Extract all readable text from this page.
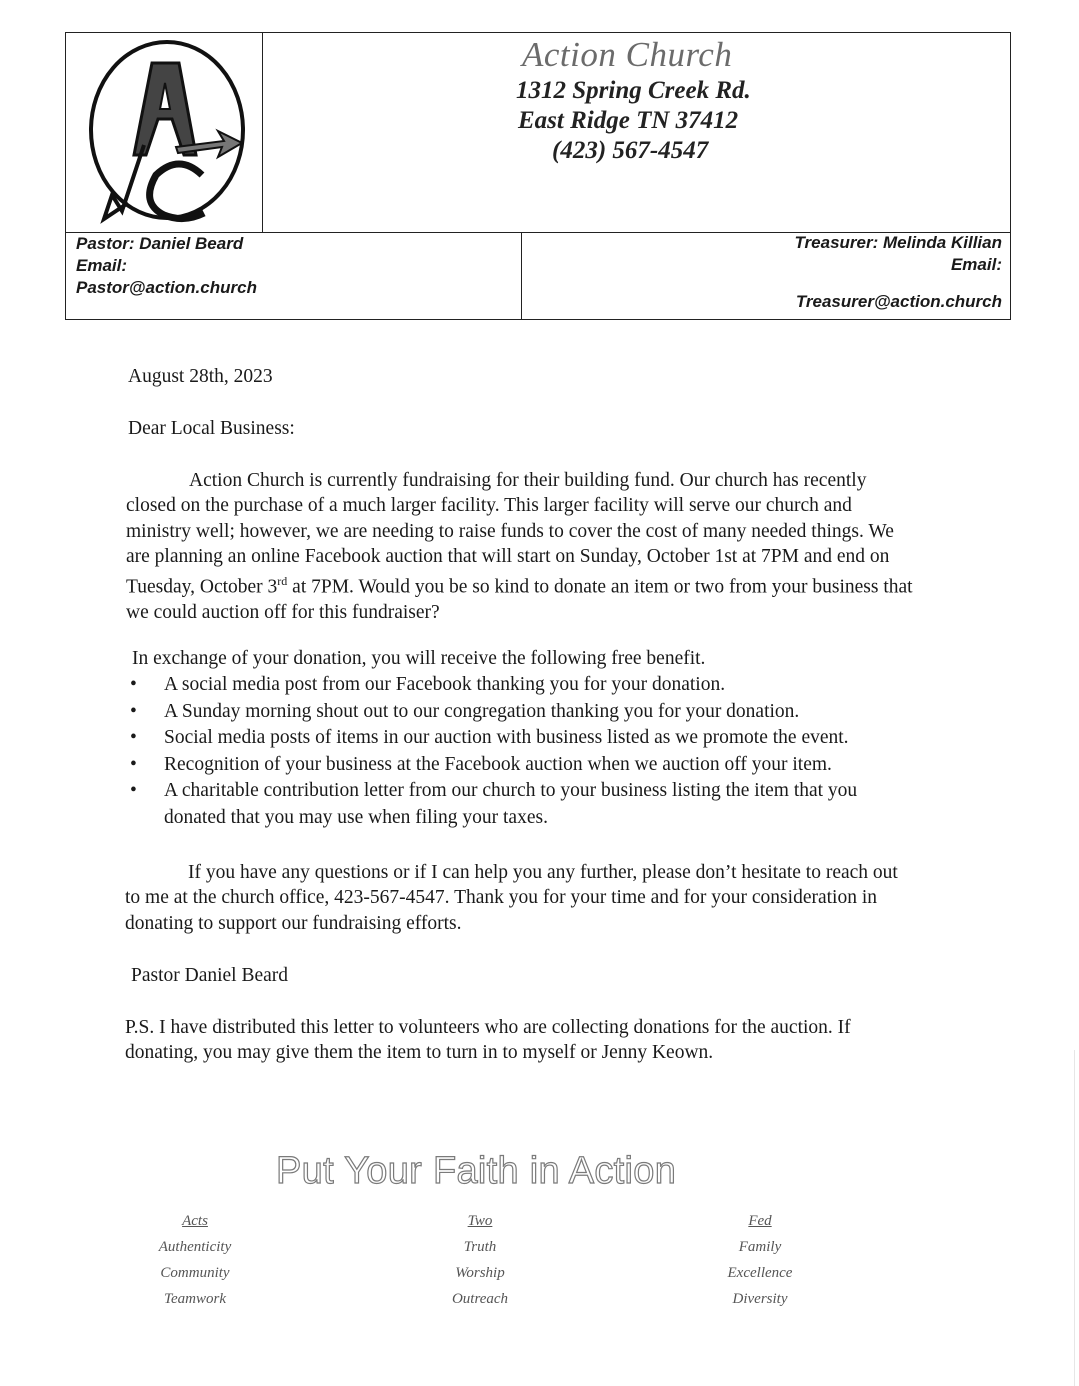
Action Church
1312 Spring Creek Rd.
East Ridge TN 37412
(423) 567-4547
Pastor: Daniel Beard
Email:
Pastor@action.church
Treasurer: Melinda Killian
Email:
Treasurer@action.church
August 28th, 2023
Dear Local Business:
Action Church is currently fundraising for their building fund. Our church has recently closed on the purchase of a much larger facility. This larger facility will serve our church and ministry well; however, we are needing to raise funds to cover the cost of many needed things. We are planning an online Facebook auction that will start on Sunday, October 1st at 7PM and end on Tuesday, October 3rd at 7PM. Would you be so kind to donate an item or two from your business that we could auction off for this fundraiser?
In exchange of your donation, you will receive the following free benefit.
• A social media post from our Facebook thanking you for your donation.
• A Sunday morning shout out to our congregation thanking you for your donation.
• Social media posts of items in our auction with business listed as we promote the event.
• Recognition of your business at the Facebook auction when we auction off your item.
• A charitable contribution letter from our church to your business listing the item that you donated that you may use when filing your taxes.
If you have any questions or if I can help you any further, please don’t hesitate to reach out to me at the church office, 423-567-4547. Thank you for your time and for your consideration in donating to support our fundraising efforts.
Pastor Daniel Beard
P.S. I have distributed this letter to volunteers who are collecting donations for the auction. If donating, you may give them the item to turn in to myself or Jenny Keown.
Put Your Faith in Action
Acts
Authenticity
Community
Teamwork
Two
Truth
Worship
Outreach
Fed
Family
Excellence
Diversity
